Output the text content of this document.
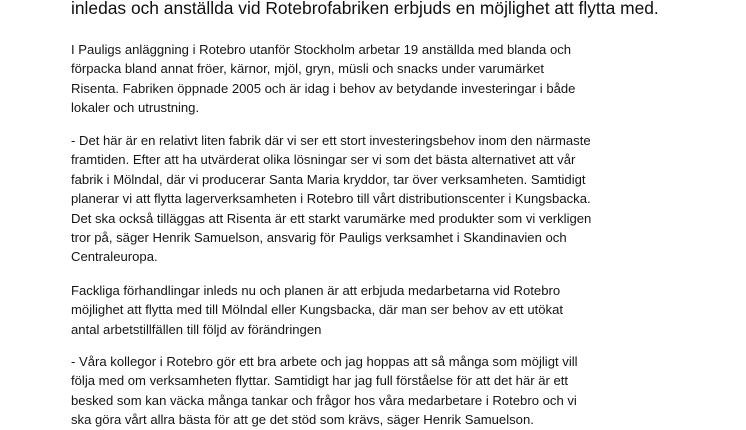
inledas och anställda vid Rotebrofabriken erbjuds en möjlighet att flytta med.

I Pauligs anläggning i Rotebro utanför Stockholm arbetar 19 anställda med blanda och
förpacka bland annat fröer, kärnor, mjöl, gryn, müsli och snacks under varumärket
Risenta. Fabriken öppnade 2005 och är idag i behov av betydande investeringar i både
lokaler och utrustning.

- Det här är en relativt liten fabrik där vi ser ett stort investeringsbehov inom den närmaste
framtiden. Efter att ha utvärderat olika lösningar ser vi som det bästa alternativet att vår
fabrik i Mölndal, där vi producerar Santa Maria kryddor, tar över verksamheten. Samtidigt
planerar vi att flytta lagerverksamheten i Rotebro till vårt distributionscenter i Kungsbacka.
Det ska också tilläggas att Risenta är ett starkt varumärke med produkter som vi verkligen
tror på, säger Henrik Samuelson, ansvarig för Pauligs verksamhet i Skandinavien och
Centraleuropa.

Fackliga förhandlingar inleds nu och planen är att erbjuda medarbetarna vid Rotebro
möjlighet att flytta med till Mölndal eller Kungsbacka, där man ser behov av ett utökat
antal arbetstillfällen till följd av förändringen

- Våra kollegor i Rotebro gör ett bra arbete och jag hoppas att så många som möjligt vill
följa med om verksamheten flyttar. Samtidigt har jag full förståelse för att det här är ett
besked som kan väcka många tankar och frågor hos våra medarbetare i Rotebro och vi
ska göra vårt allra bästa för att ge det stöd som krävs, säger Henrik Samuelson.
